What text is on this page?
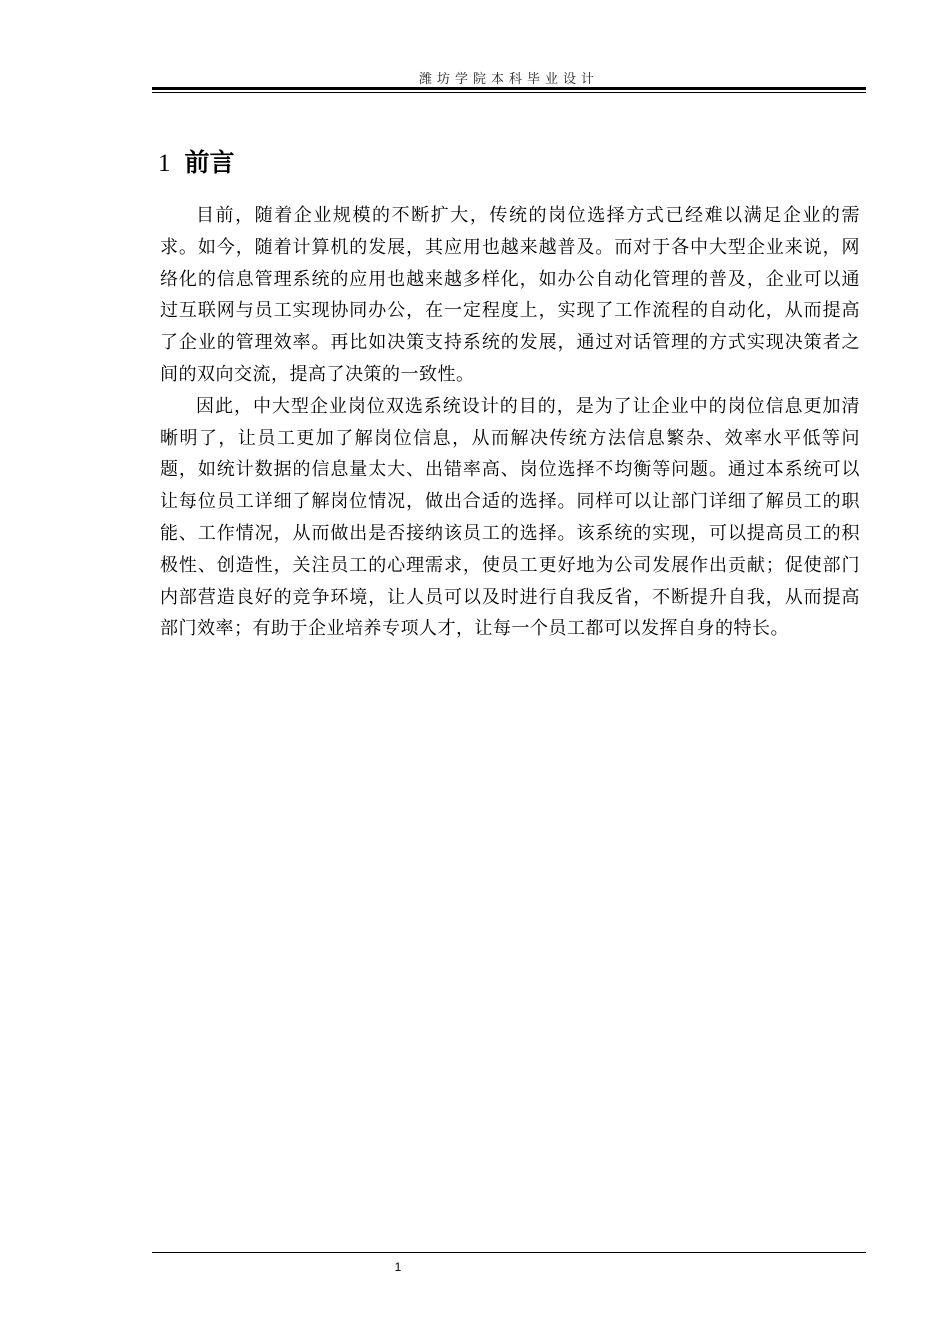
潍坊学院本科毕业设计
1 前言

目前，随着企业规模的不断扩大，传统的岗位选择方式已经难以满足企业的需求。如今，随着计算机的发展，其应用也越来越普及。而对于各中大型企业来说，网络化的信息管理系统的应用也越来越多样化，如办公自动化管理的普及，企业可以通过互联网与员工实现协同办公，在一定程度上，实现了工作流程的自动化，从而提高了企业的管理效率。再比如决策支持系统的发展，通过对话管理的方式实现决策者之间的双向交流，提高了决策的一致性。

因此，中大型企业岗位双选系统设计的目的，是为了让企业中的岗位信息更加清晰明了，让员工更加了解岗位信息，从而解决传统方法信息繁杂、效率水平低等问题，如统计数据的信息量太大、出错率高、岗位选择不均衡等问题。通过本系统可以让每位员工详细了解岗位情况，做出合适的选择。同样可以让部门详细了解员工的职能、工作情况，从而做出是否接纳该员工的选择。该系统的实现，可以提高员工的积极性、创造性，关注员工的心理需求，使员工更好地为公司发展作出贡献；促使部门内部营造良好的竞争环境，让人员可以及时进行自我反省，不断提升自我，从而提高部门效率；有助于企业培养专项人才，让每一个员工都可以发挥自身的特长。

1
